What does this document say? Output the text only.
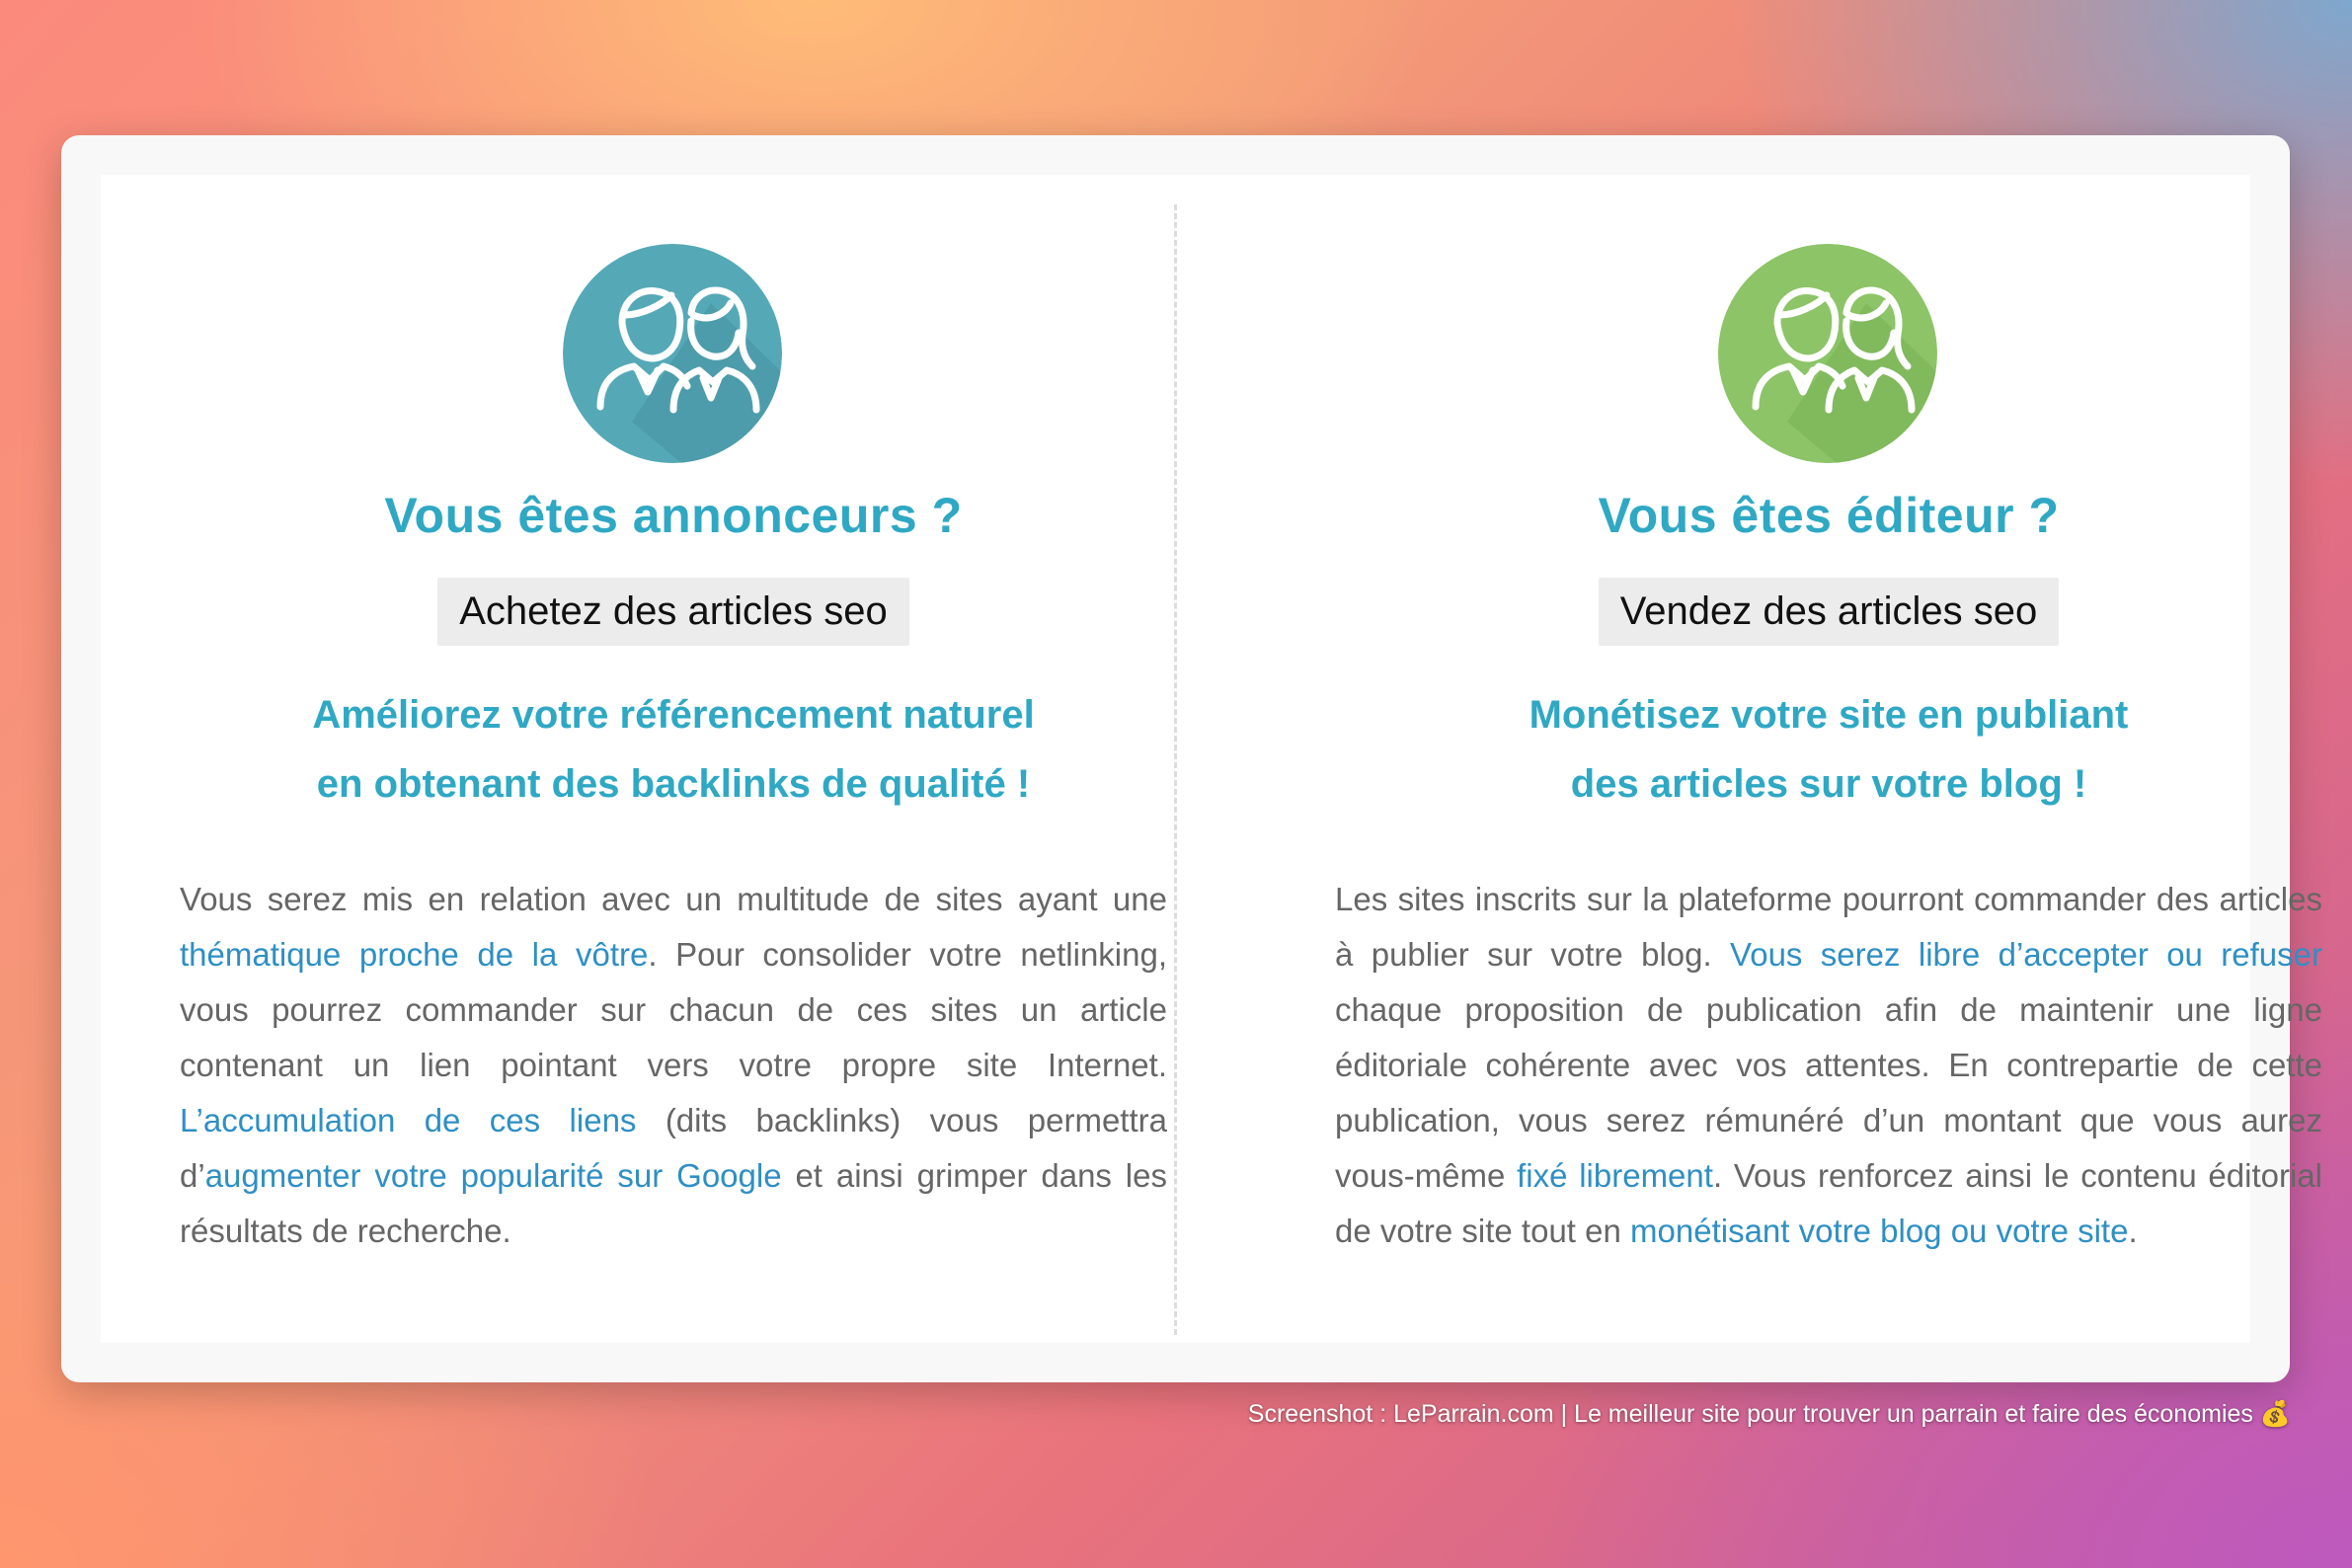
Vous êtes annonceurs ?
Achetez des articles seo
Améliorez votre référencement naturel
en obtenant des backlinks de qualité !

Vous serez mis en relation avec un multitude de sites ayant une thématique proche de la vôtre. Pour consolider votre netlinking, vous pourrez commander sur chacun de ces sites un article contenant un lien pointant vers votre propre site Internet. L’accumulation de ces liens (dits backlinks) vous permettra d’augmenter votre popularité sur Google et ainsi grimper dans les résultats de recherche.

Vous êtes éditeur ?
Vendez des articles seo
Monétisez votre site en publiant
des articles sur votre blog !

Les sites inscrits sur la plateforme pourront commander des articles à publier sur votre blog. Vous serez libre d’accepter ou refuser chaque proposition de publication afin de maintenir une ligne éditoriale cohérente avec vos attentes. En contrepartie de cette publication, vous serez rémunéré d’un montant que vous aurez vous-même fixé librement. Vous renforcez ainsi le contenu éditorial de votre site tout en monétisant votre blog ou votre site.

Screenshot : LeParrain.com | Le meilleur site pour trouver un parrain et faire des économies 💰
